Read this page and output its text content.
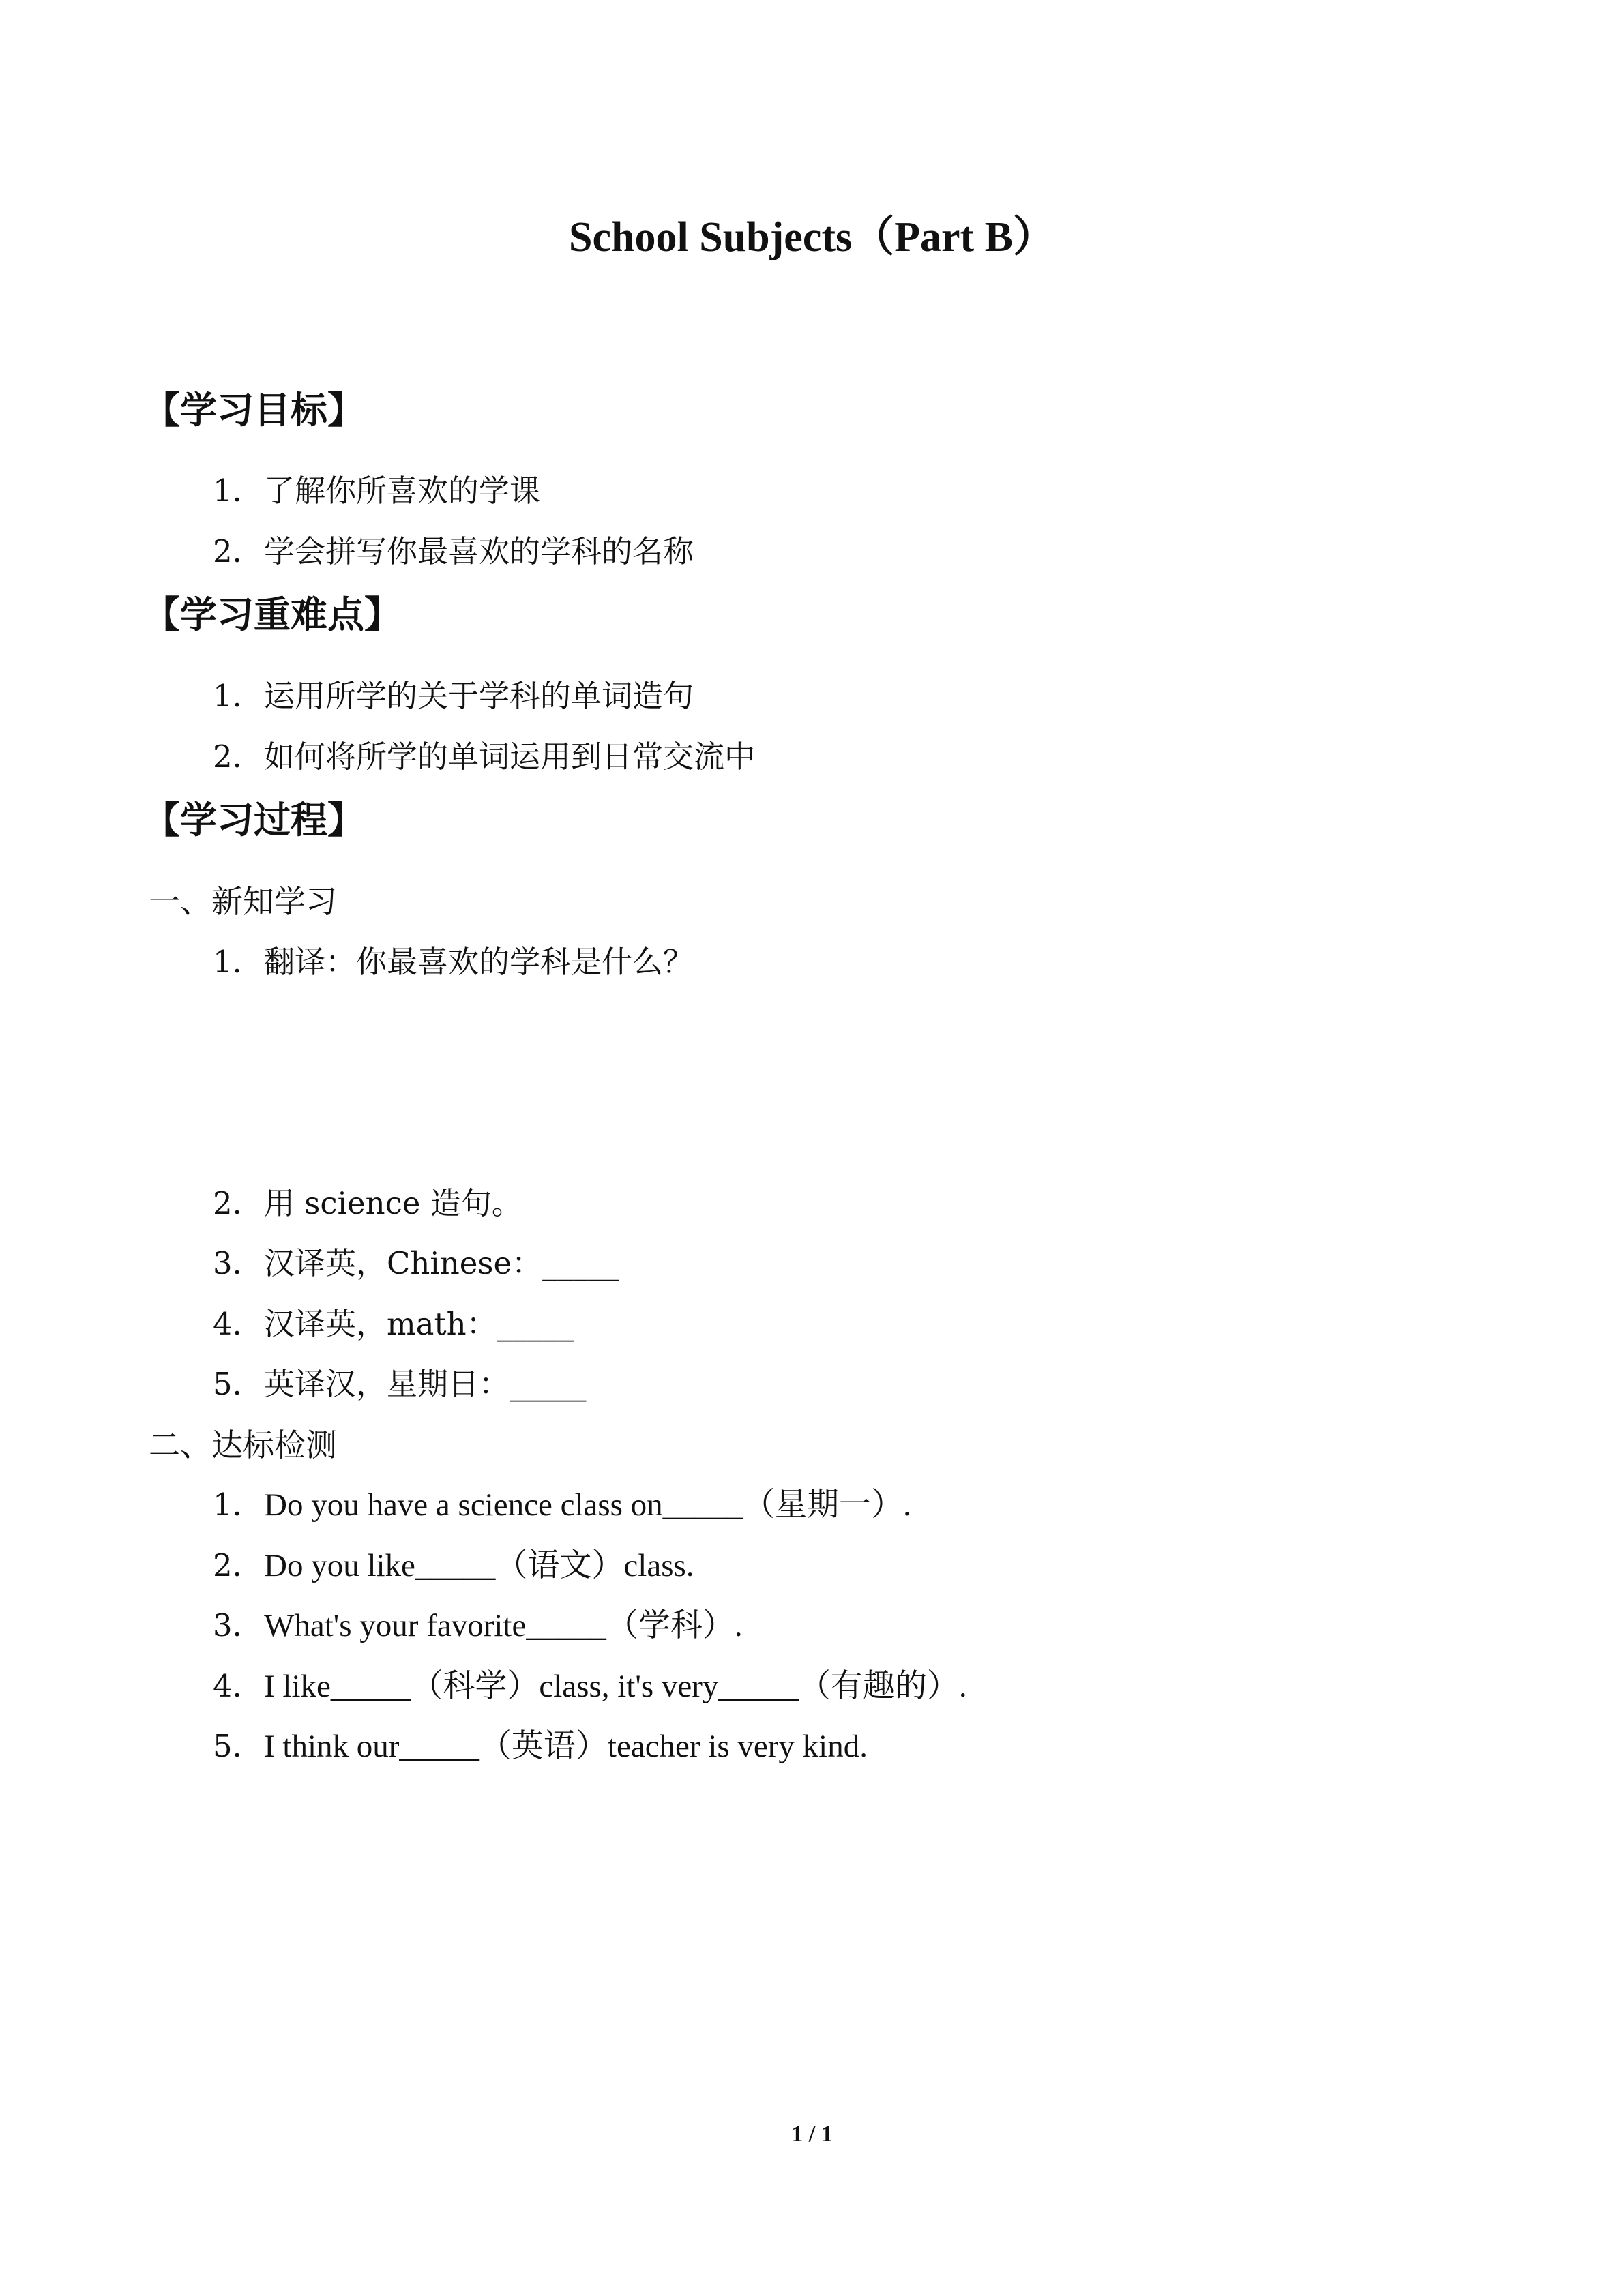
School Subjects（Part B）
【学习目标】
1．了解你所喜欢的学课
2．学会拼写你最喜欢的学科的名称
【学习重难点】
1．运用所学的关于学科的单词造句
2．如何将所学的单词运用到日常交流中
【学习过程】
一、新知学习
1．翻译：你最喜欢的学科是什么？
2．用 science 造句。
3．汉译英，Chinese：_____
4．汉译英，math：_____
5．英译汉，星期日：_____
二、达标检测
1．Do you have a science class on_____（星期一）.
2．Do you like_____（语文）class.
3．What's your favorite_____（学科）.
4．I like_____（科学）class, it's very_____（有趣的）.
5．I think our_____（英语）teacher is very kind.
1 / 1
